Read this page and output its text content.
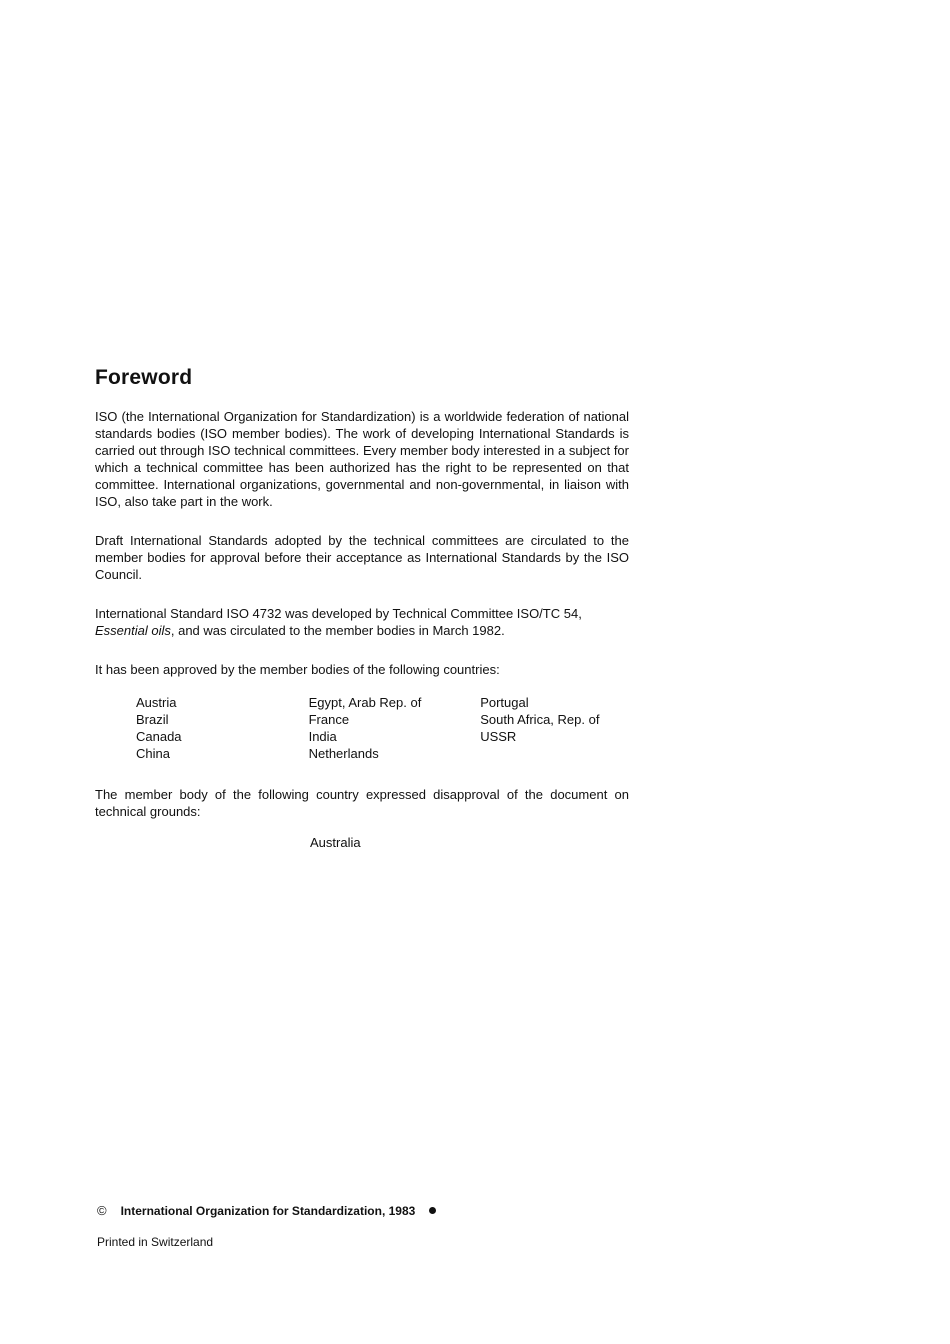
Foreword

ISO (the International Organization for Standardization) is a worldwide federation of national standards bodies (ISO member bodies). The work of developing International Standards is carried out through ISO technical committees. Every member body interested in a subject for which a technical committee has been authorized has the right to be represented on that committee. International organizations, governmental and non-governmental, in liaison with ISO, also take part in the work.

Draft International Standards adopted by the technical committees are circulated to the member bodies for approval before their acceptance as International Standards by the ISO Council.

International Standard ISO 4732 was developed by Technical Committee ISO/TC 54,
Essential oils, and was circulated to the member bodies in March 1982.

It has been approved by the member bodies of the following countries:

Austria
Brazil
Canada
China
Egypt, Arab Rep. of
France
India
Netherlands
Portugal
South Africa, Rep. of
USSR

The member body of the following country expressed disapproval of the document on technical grounds:

Australia
© International Organization for Standardization, 1983
Printed in Switzerland
